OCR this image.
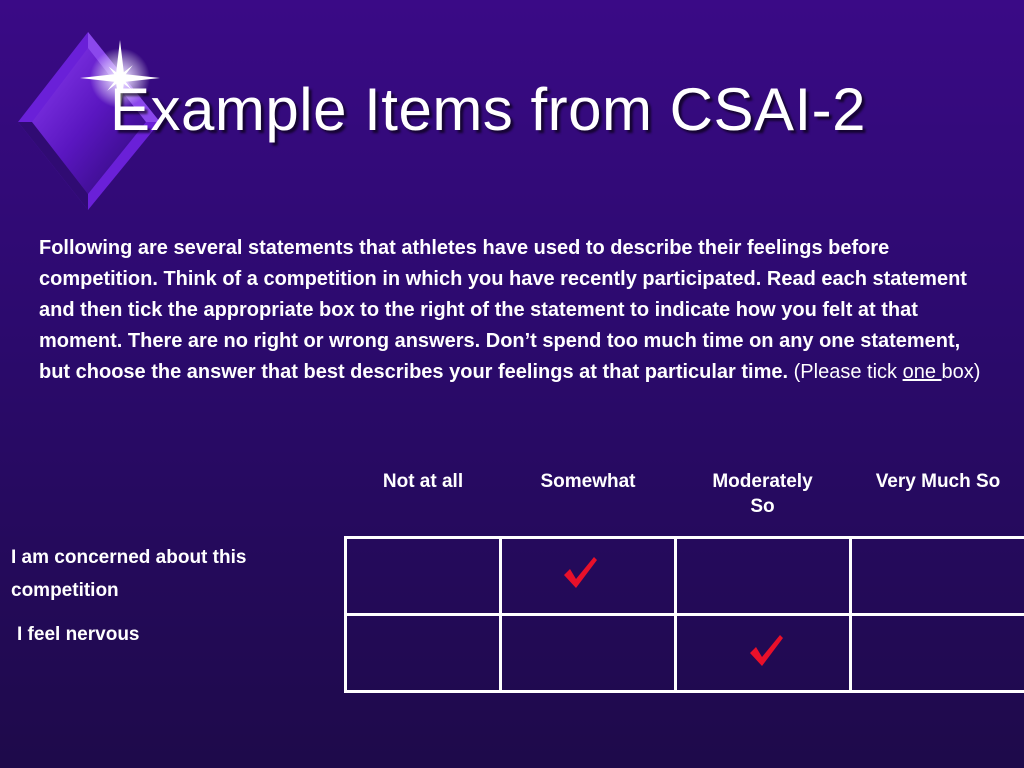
Example Items from CSAI-2
Following are several statements that athletes have used to describe their feelings before competition. Think of a competition in which you have recently participated. Read each statement and then tick the appropriate box to the right of the statement to indicate how you felt at that moment. There are no right or wrong answers. Don’t spend too much time on any one statement, but choose the answer that best describes your feelings at that particular time. (Please tick one box)
Not at all	Somewhat	Moderately So
Very Much So
I am concerned about this competition
I feel nervous
